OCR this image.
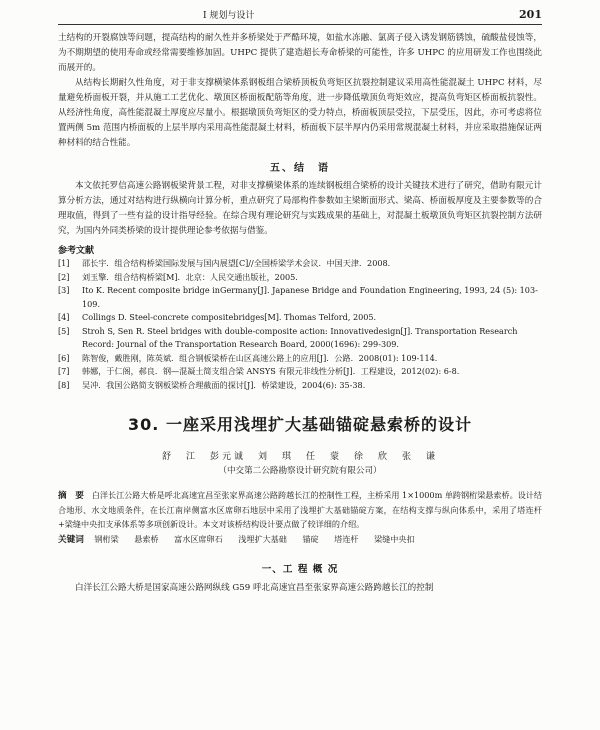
Ⅰ 规划与设计	201

土结构的开裂腐蚀等问题，提高结构的耐久性并多桥梁处于严酷环境，如盐水冻融、氯离子侵入诱发钢筋锈蚀，硫酸盐侵蚀等，为不期期望的使用寿命或经常需要维修加固。UHPC 提供了建造超长寿命桥梁的可能性，许多 UHPC 的应用研发工作也围绕此而展开的。

从结构长期耐久性角度，对于非支撑横梁体系钢板组合梁桥顶板负弯矩区抗裂控制建议采用高性能混凝土 UHPC 材料，尽量避免桥面板开裂，并从施工工艺优化、墩顶区桥面板配筋等角度，进一步降低墩顶负弯矩效应，提高负弯矩区桥面板抗裂性。从经济性角度，高性能混凝土厚度应尽量小。根据墩顶负弯矩区的受力特点，桥面板顶层受拉，下层受压，因此，亦可考虑将位置两侧 5m 范围内桥面板的上层半厚内采用高性能混凝土材料，桥面板下层半厚内仍采用常规混凝土材料，并应采取措施保证两种材料的结合性能。

五、结　语

本文依托罗信高速公路钢板梁背景工程，对非支撑横梁体系的连续钢板组合梁桥的设计关键技术进行了研究，借助有限元计算分析方法，通过对结构进行纵横向计算分析，重点研究了局部构件参数如主梁断面形式、梁高、桥面板厚度及主要参数等的合理取值，得到了一些有益的设计指导经验。在综合现有理论研究与实践成果的基础上，对混凝土板墩顶负弯矩区抗裂控制方法研究，为国内外同类桥梁的设计提供理论参考依据与借鉴。

参考文献
[1]	邵长宇．组合结构桥梁国际发展与国内展望[C]//全国桥梁学术会议．中国天津．2008．
[2]	刘玉擎．组合结构桥梁[M]．北京：人民交通出版社，2005．
[3]	Ito K. Recent composite bridge inGermany[J]. Japanese Bridge and Foundation Engineering, 1993, 24 (5): 103-109.
[4]	Collings D. Steel-concrete compositebridges[M]. Thomas Telford, 2005.
[5]	Stroh S, Sen R. Steel bridges with double-composite action: Innovativedesign[J]. Transportation Research Record: Journal of the Transportation Research Board, 2000(1696): 299-309.
[6]	陈智俊，戴胜刚，陈英斌．组合钢板梁桥在山区高速公路上的应用[J]．公路．2008(01): 109-114.
[7]	韩娜，于仁阁，郝良．钢—混凝土简支组合梁 ANSYS 有限元非线性分析[J]．工程建设，2012(02): 6-8.
[8]	吴冲．我国公路简支钢板梁桥合理截面的探讨[J]．桥梁建设，2004(6): 35-38.
30. 一座采用浅埋扩大基础锚碇悬索桥的设计
舒　江　彭元诚　刘　琪　任　蒙　徐　欣　张　谦
（中交第二公路勘察设计研究院有限公司）
摘　要 白洋长江公路大桥是呼北高速宜昌至张家界高速公路跨越长江的控制性工程，主桥采用 1×1000m 单跨钢桁梁悬索桥。设计结合地形、水文地质条件，在长江南岸侧富水区席卵石地层中采用了浅埋扩大基础锚碇方案，在结构支撑与纵向体系中，采用了塔连杆+梁缝中央扣支承体系等多项创新设计。本文对该桥结构设计要点做了较详细的介绍。
关键词 钢桁梁 悬索桥 富水区席卵石 浅埋扩大基础 锚碇 塔连杆 梁缝中央扣
一、工 程 概 况

白洋长江公路大桥是国家高速公路网纵线 G59 呼北高速宜昌至张家界高速公路跨越长江的控制
